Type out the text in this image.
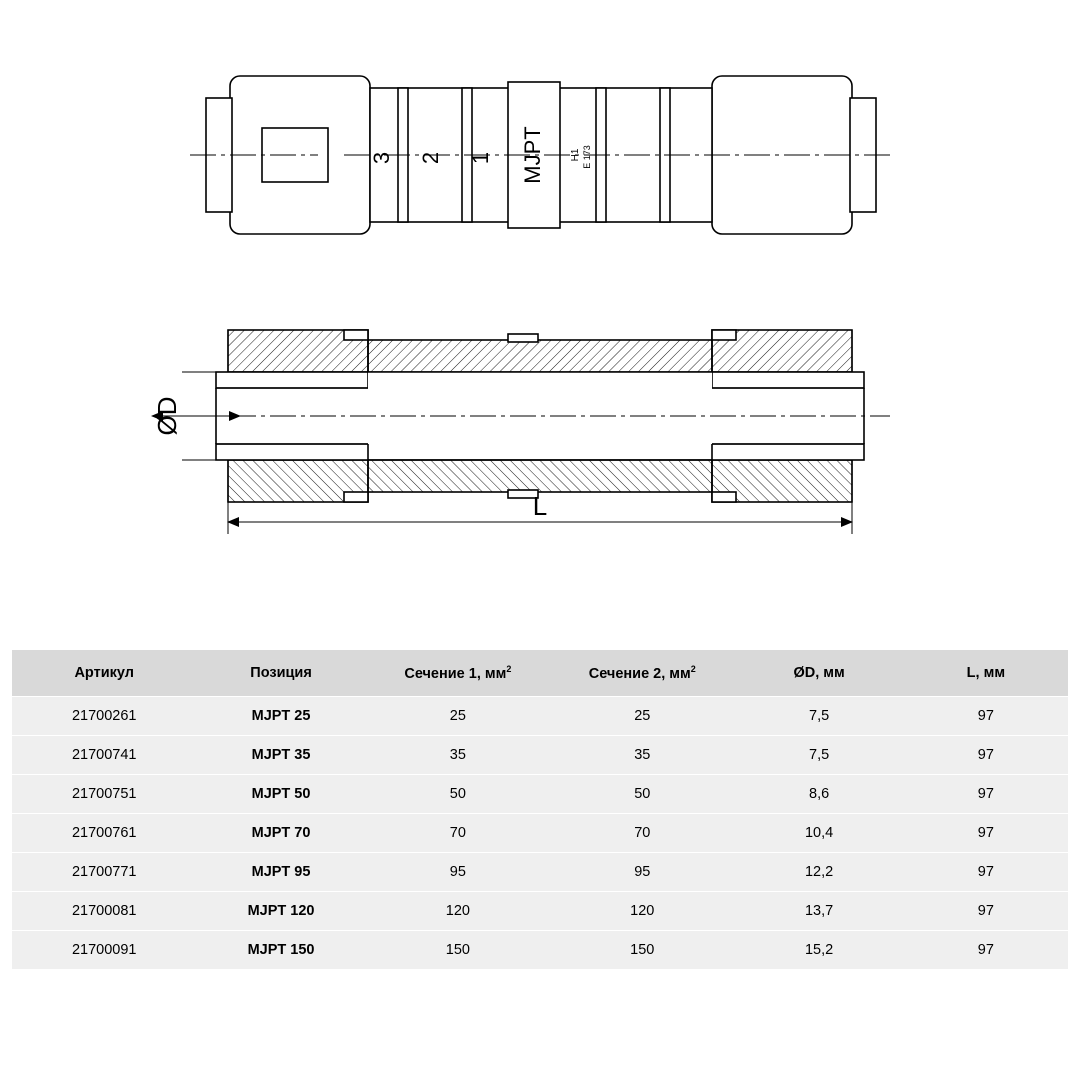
3 2 1 MJPT	H1 E 173
ØD
L
Артикул	Позиция	Сечение 1, $мм^2$	Сечение 2, $мм^2$	ØD, мм	L, мм
21700261	MJPT 25	25	25	7,5	97
21700741	MJPT 35	35	35	7,5	97
21700751	MJPT 50	50	50	8,6	97
21700761	MJPT 70	70	70	10,4	97
21700771	MJPT 95	95	95	12,2	97
21700081	MJPT 120	120	120	13,7	97
21700091	MJPT 150	150	150	15,2	97
